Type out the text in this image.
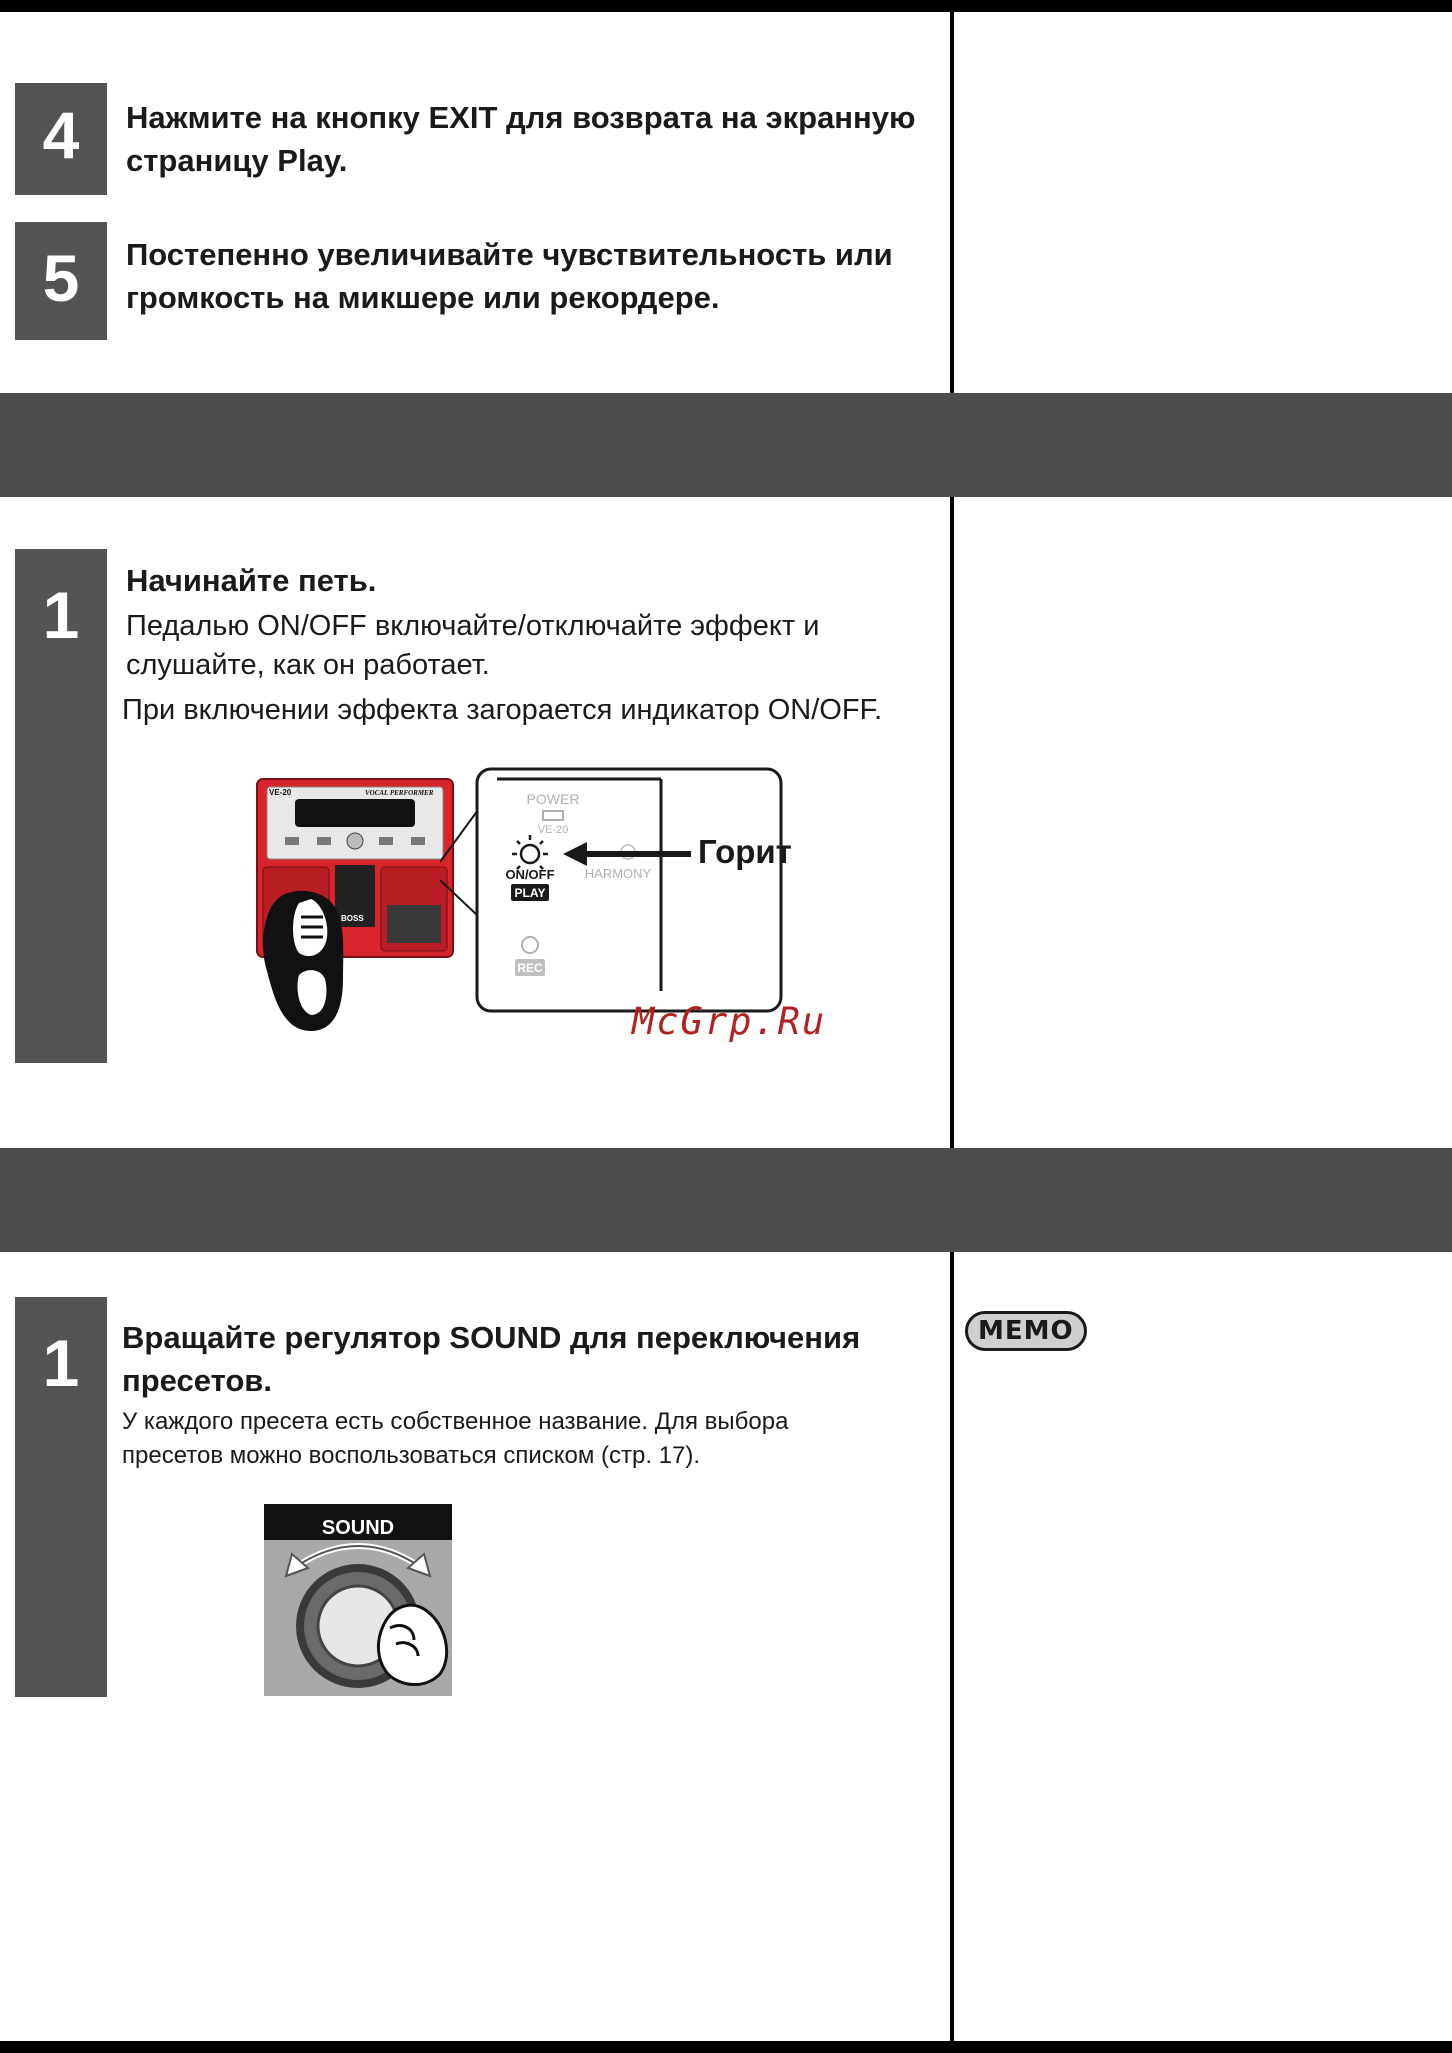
4 Нажмите на кнопку EXIT для возврата на экранную страницу Play.

5 Постепенно увеличивайте чувствительность или громкость на микшере или рекордере.

1 Начинайте петь.

Педалью ON/OFF включайте/отключайте эффект и слушайте, как он работает.

При включении эффекта загорается индикатор ON/OFF.

VE-20	VOCAL PERFORMER
BOSS
POWER
VE-20
ON/OFF
PLAY
HARMONY
REC
Горит
McGrp.Ru
1 Вращайте регулятор SOUND для переключения пресетов.

У каждого пресета есть собственное название. Для выбора пресетов можно воспользоваться списком (стр. 17).

SOUND
MEMO
